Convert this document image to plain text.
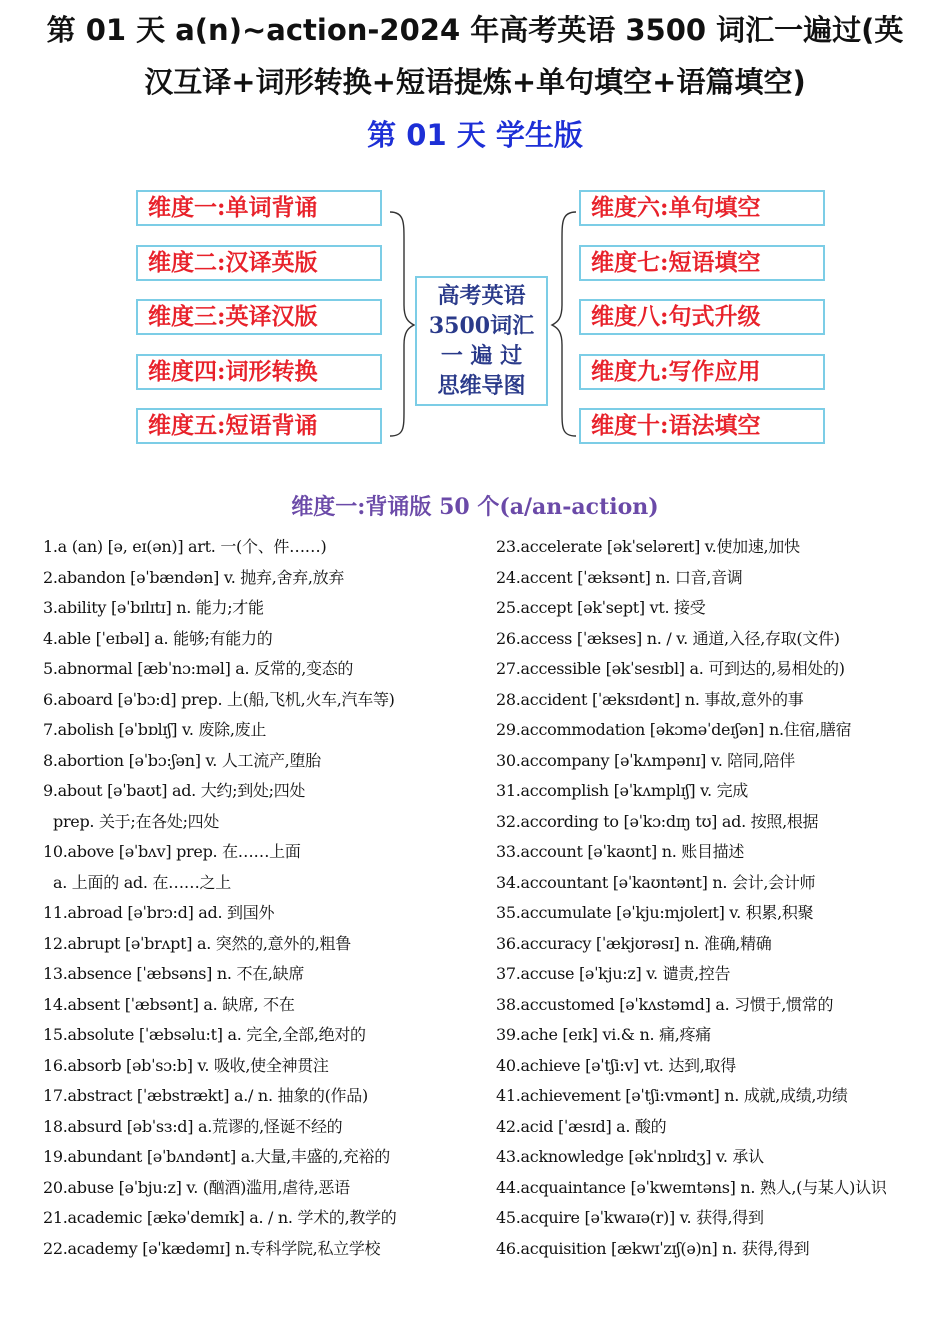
第 01 天 a(n)~action-2024 年高考英语 3500 词汇一遍过(英
汉互译+词形转换+短语提炼+单句填空+语篇填空)
第 01 天 学生版
维度一:单词背诵
维度二:汉译英版
维度三:英译汉版
维度四:词形转换
维度五:短语背诵
维度六:单句填空
维度七:短语填空
维度八:句式升级
维度九:写作应用
维度十:语法填空
高考英语
3500词汇
一 遍 过
思维导图
维度一:背诵版 50 个(a/an-action)
1.a (an) [ə, eɪ(ən)] art. 一(个、件……)
2.abandon [əˈbændən] v. 抛弃,舍弃,放弃
3.ability [əˈbɪlɪtɪ] n. 能力;才能
4.able [ˈeɪbəl] a. 能够;有能力的
5.abnormal [æbˈnɔ:məl] a. 反常的,变态的
6.aboard [əˈbɔ:d] prep. 上(船,飞机,火车,汽车等)
7.abolish [əˈbɒlɪʃ] v. 废除,废止
8.abortion [əˈbɔ:ʃən] v. 人工流产,堕胎
9.about [əˈbaʊt] ad. 大约;到处;四处
prep. 关于;在各处;四处
10.above [əˈbʌv] prep. 在……上面
a. 上面的 ad. 在……之上
11.abroad [əˈbrɔ:d] ad. 到国外
12.abrupt [əˈbrʌpt] a. 突然的,意外的,粗鲁
13.absence [ˈæbsəns] n. 不在,缺席
14.absent [ˈæbsənt] a. 缺席, 不在
15.absolute [ˈæbsəlu:t] a. 完全,全部,绝对的
16.absorb [əbˈsɔ:b] v. 吸收,使全神贯注
17.abstract [ˈæbstrækt] a./ n. 抽象的(作品)
18.absurd [əbˈsз:d] a.荒谬的,怪诞不经的
19.abundant [əˈbʌndənt] a.大量,丰盛的,充裕的
20.abuse [əˈbju:z] v. (酗酒)滥用,虐待,恶语
21.academic [ækəˈdemɪk] a. / n. 学术的,教学的
22.academy [əˈkædəmɪ] n.专科学院,私立学校
23.accelerate [əkˈseləreɪt] v.使加速,加快
24.accent [ˈæksənt] n. 口音,音调
25.accept [əkˈsept] vt. 接受
26.access [ˈækses] n. / v. 通道,入径,存取(文件)
27.accessible [əkˈsesɪbl] a. 可到达的,易相处的)
28.accident [ˈæksɪdənt] n. 事故,意外的事
29.accommodation [əkɔməˈdeɪʃən] n.住宿,膳宿
30.accompany [əˈkʌmpənɪ] v. 陪同,陪伴
31.accomplish [əˈkʌmplɪʃ] v. 完成
32.according to [əˈkɔ:dɪŋ tʊ] ad. 按照,根据
33.account [əˈkaʊnt] n. 账目描述
34.accountant [əˈkaʊntənt] n. 会计,会计师
35.accumulate [əˈkju:mjʊleɪt] v. 积累,积聚
36.accuracy [ˈækjʊrəsɪ] n. 准确,精确
37.accuse [əˈkju:z] v. 谴责,控告
38.accustomed [əˈkʌstəmd] a. 习惯于,惯常的
39.ache [eɪk] vi.& n. 痛,疼痛
40.achieve [əˈtʃi:v] vt. 达到,取得
41.achievement [əˈtʃi:vmənt] n. 成就,成绩,功绩
42.acid [ˈæsɪd] a. 酸的
43.acknowledge [əkˈnɒlɪdʒ] v. 承认
44.acquaintance [əˈkweɪntəns] n. 熟人,(与某人)认识
45.acquire [əˈkwaɪə(r)] v. 获得,得到
46.acquisition [ækwɪˈzɪʃ(ə)n] n. 获得,得到
